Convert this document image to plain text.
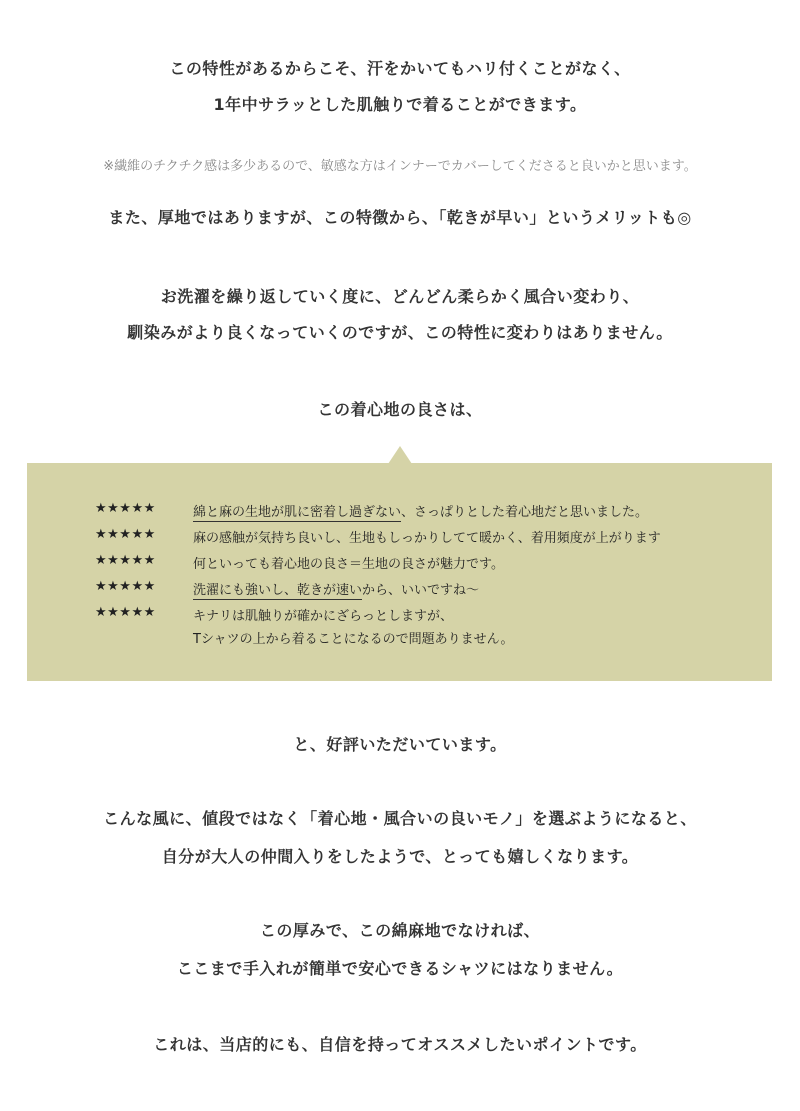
この特性があるからこそ、汗をかいてもハリ付くことがなく、
1年中サラッとした肌触りで着ることができます。
※繊維のチクチク感は多少あるので、敏感な方はインナーでカバーしてくださると良いかと思います。
また、厚地ではありますが、この特徴から、「乾きが早い」というメリットも◎
お洗濯を繰り返していく度に、どんどん柔らかく風合い変わり、
馴染みがより良くなっていくのですが、この特性に変わりはありません。
この着心地の良さは、
★★★★★	綿と麻の生地が肌に密着し過ぎない、さっぱりとした着心地だと思いました。
★★★★★	麻の感触が気持ち良いし、生地もしっかりしてて暖かく、着用頻度が上がります
★★★★★	何といっても着心地の良さ＝生地の良さが魅力です。
★★★★★	洗濯にも強いし、乾きが速いから、いいですね～
★★★★★	キナリは肌触りが確かにざらっとしますが、
Tシャツの上から着ることになるので問題ありません。
と、好評いただいています。
こんな風に、値段ではなく「着心地・風合いの良いモノ」を選ぶようになると、
自分が大人の仲間入りをしたようで、とっても嬉しくなります。
この厚みで、この綿麻地でなければ、
ここまで手入れが簡単で安心できるシャツにはなりません。
これは、当店的にも、自信を持ってオススメしたいポイントです。
